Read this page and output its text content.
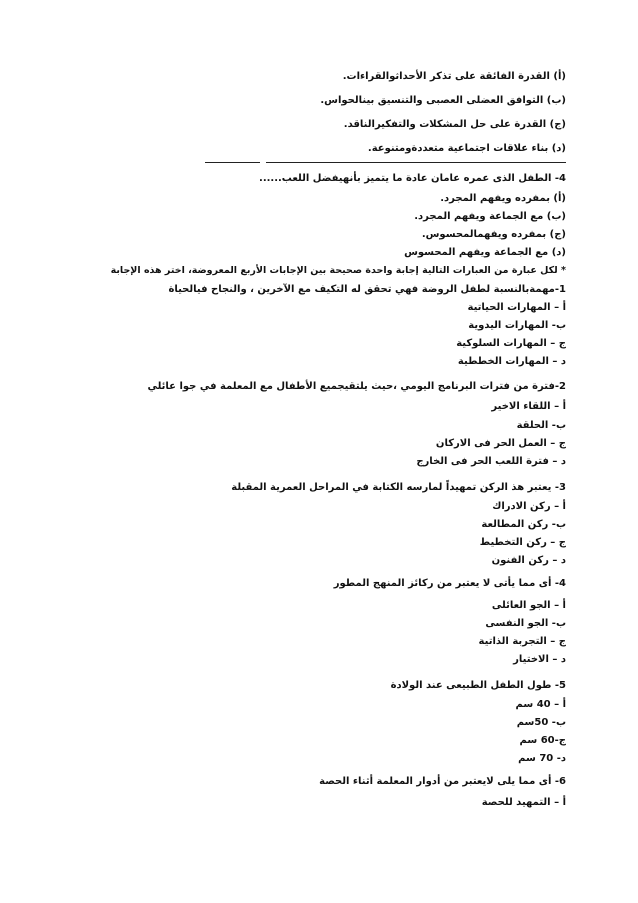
(أ) القدرة الفائقة على تذكر الأحداثوالقراءات.
(ب) التوافق العضلى العصبى والتنسيق بينالحواس.
(ج) القدرة على حل المشكلات والتفكيرالناقد.
(د) بناء علاقات اجتماعية متعددةومتنوعة.
4- الطفل الذى عمره عامان عادة ما يتميز بأنهيفضل اللعب......
(أ) بمفرده ويفهم المجرد.
(ب) مع الجماعة ويفهم المجرد.
(ج) بمفرده ويفهمالمحسوس.
(د) مع الجماعة ويفهم المحسوس
* لكل عبارة من العبارات التالية إجابة واحدة صحيحة بين الإجابات الأربع المعروضة، اختر هذه الإجابة
1-مهمةبالنسبة لطفل الروضة فهي تحقق له التكيف مع الآخرين ، والنجاح فيالحياة
أ – المهارات الحياتية
ب- المهارات اليدوية
ج – المهارات السلوكية
د – المهارات الخططية
2-فترة من فترات البرنامج اليومي ،حيث يلتقيجميع الأطفال مع المعلمة في جوا عائلي
أ – اللقاء الاخير
ب- الحلقة
ج – العمل الحر فى الاركان
د – فترة اللعب الحر فى الخارج
3- يعتبر هذ الركن تمهيداً لمارسه الكتابة في المراحل العمرية المقبلة
أ – ركن الادراك
ب- ركن المطالعة
ج – ركن التخطيط
د – ركن الفنون
4- أى مما يأتى لا يعتبر من ركائز المنهج المطور
أ – الجو العائلى
ب- الجو النفسى
ج – التجربة الذاتية
د – الاختيار
5- طول الطفل الطبيعى عند الولادة
أ – 40 سم
ب- 50سم
ج-60 سم
د- 70 سم
6- أى مما يلى لايعتبر من أدوار المعلمة أثناء الحصة
أ – التمهيد للحصة
